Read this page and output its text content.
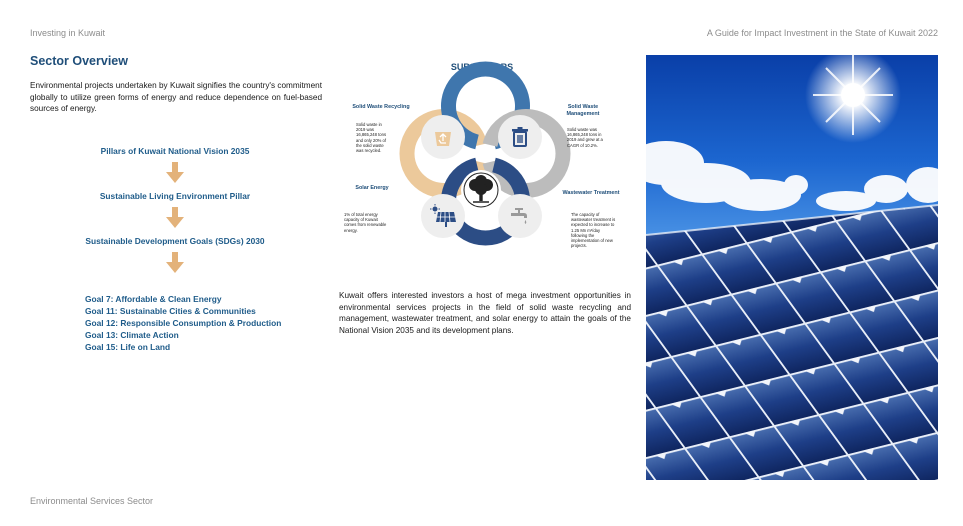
Investing in Kuwait	A Guide for Impact Investment in the State of Kuwait 2022
Sector Overview
Environmental projects undertaken by Kuwait signifies the country's commitment globally to utilize green forms of energy and reduce dependence on fuel-based sources of energy.
Pillars of Kuwait National Vision 2035
Sustainable Living Environment Pillar
Sustainable Development Goals (SDGs) 2030
Goal 7: Affordable & Clean Energy
Goal 11: Sustainable Cities & Communities
Goal 12: Responsible Consumption & Production
Goal 13: Climate Action
Goal 15: Life on Land
SUBSECTORS
Solid Waste Recycling
Solid waste in 2019 was 16,865,248 tons and only 20% of the solid waste was recycled.
Solid Waste Management
Solid waste was 16,865,248 tons in 2019 and grew at a CAGR of 10.2%.
Solar Energy
1% of total energy capacity of Kuwait comes from renewable energy.
Wastewater Treatment
The capacity of wastewater treatment is expected to increase to 1.25 Mn m³/day following the implementation of new projects.
Kuwait offers interested investors a host of mega investment opportunities in environmental services projects in the field of solid waste recycling and management, wastewater treatment, and solar energy to attain the goals of the National Vision 2035 and its development plans.
Environmental Services Sector
